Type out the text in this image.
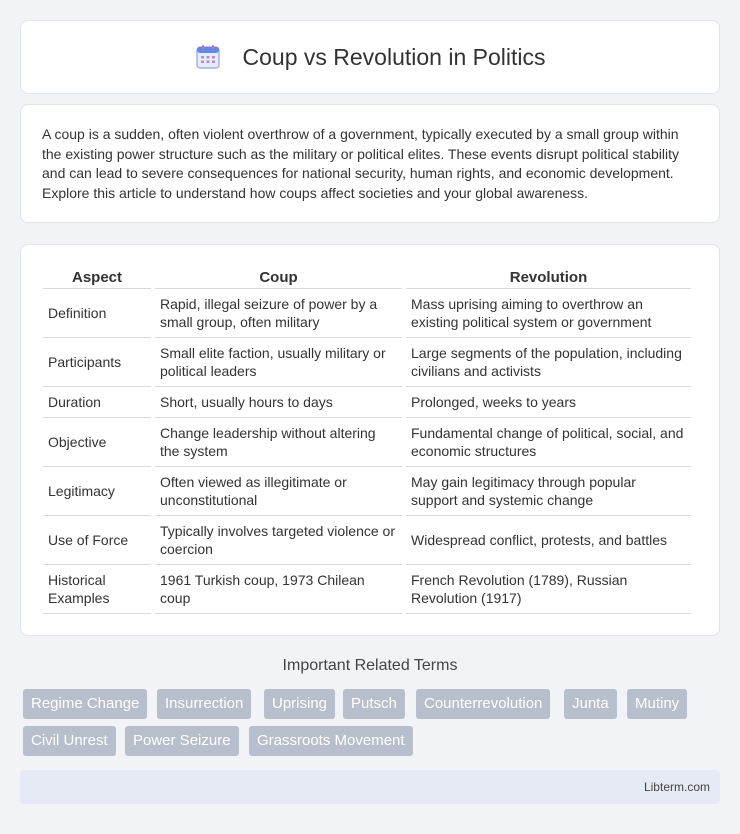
Coup vs Revolution in Politics

A coup is a sudden, often violent overthrow of a government, typically executed by a small group within the existing power structure such as the military or political elites. These events disrupt political stability and can lead to severe consequences for national security, human rights, and economic development. Explore this article to understand how coups affect societies and your global awareness.

Aspect	Coup	Revolution
Definition	Rapid, illegal seizure of power by a small group, often military	Mass uprising aiming to overthrow an existing political system or government
Participants	Small elite faction, usually military or political leaders	Large segments of the population, including civilians and activists
Duration	Short, usually hours to days	Prolonged, weeks to years
Objective	Change leadership without altering the system	Fundamental change of political, social, and economic structures
Legitimacy	Often viewed as illegitimate or unconstitutional	May gain legitimacy through popular support and systemic change
Use of Force	Typically involves targeted violence or coercion	Widespread conflict, protests, and battles
Historical Examples	1961 Turkish coup, 1973 Chilean coup	French Revolution (1789), Russian Revolution (1917)
Important Related Terms
Regime Change	Insurrection	Uprising	Putsch	Counterrevolution	Junta	Mutiny
Civil Unrest	Power Seizure	Grassroots Movement
Libterm.com
